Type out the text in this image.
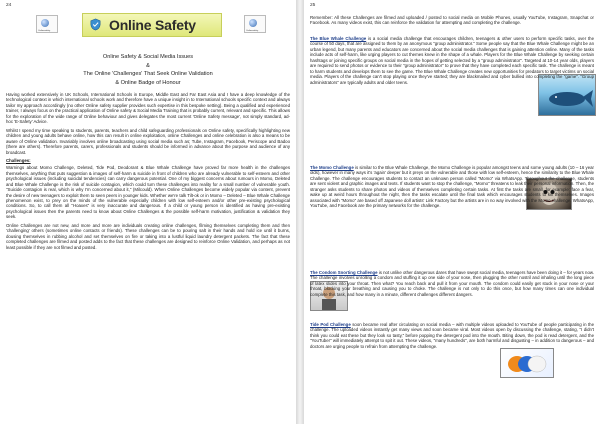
24
Onlinesafety	Online Safety	Onlinesafety
Online Safety & Social Media Issues
&
The Online 'Challenges' That Seek Online Validation
& Online Badge of Honour

Having worked extensively in UK Schools, International Schools in Europe, Middle East and Far East Asia and I have a deep knowledge of the technological context in which international schools work and therefore have a unique insight in to International schools specific context and always tailor my approach accordingly (no other Online safety supplier provides such expertise in this bespoke setting). Being a qualified and experienced trainer, I always focus on the practical application of Online safety & Social Media Training that is probably current, relevant and specific. This allows for the exploration of the wide range of Online behaviour and gives delegates the most current 'Online Safety message', not simply standard, ad-hoc 'E-Safety' Advice.

Whilst I spend my time speaking to students, parents, teachers and child safeguarding professionals on Online safety, specifically highlighting new children and young adults behave online, how this can result in online exploitation, online Challenges and online celebration is also a means to be aware of Online validation. Invariably involves online broadcasting using social media such as; Tube, Instagram, Facebook, Periscope and Badoo (there are others). Therefore parents, carers, professionals and students should be informed in advance about the purpose and audience of any broadcast.

Challenges:

Warnings about Momo Challenge, Deleted, Tide Pod, Deodorant & Blue Whale Challenge have proved far more health in the challenges themselves, anything that puts suggestion & images of self-harm & suicide in front of children who are already vulnerable to self-esteem and other psychological issues (including suicidal tendencies) can carry dangerous potential. One of my biggest concerns about rumours in Momo, Deleted and Blue Whale Challenge is the risk of suicide contagion, which could turn these challenges into reality for a small number of vulnerable youth. "Suicide contagion is real, which is why I'm concerned about it," (Milcould). When Online Challenges become widely popular via content, prevent the desire of new teenagers to exploit them to seen peers in younger kids. Whether we're talk Tilt-ok or in Momo – Deleted – Blue Whale Challenge phenomenon exist, to prey on the minds of the vulnerable especially children with low self-esteem and/or other pre-existing psychological conditions. So, to call them all "Hoaxes" is very inaccurate and dangerous. If a child or young person is identified as having pre-existing psychological issues then the parents need to know about Online Challenges & the possible self-harm motivation, justification & validation they seek.

Online Challenges are not new, and more and more are individuals creating online challenges, filming themselves completing them and then 'challenging' others (sometimes online contacts or friends). These challenges can be to pouring salt in their hands and hold ice until it burns, dousing themselves in rubbing alcohol and set themselves on fire or taking into a lustful liquid laundry detergent packets. The fact that these completed challenges are filmed and posted adds to the fact that these challenges are designed to reinforce Online Validation, and perhaps as not least possible if they are not filmed and posted.

25

Remember: All these Challenges are filmed and uploaded / posted to social media on Mobile Phones, usually YouTube, Instagram, Snapchat or Facebook. As many videos exist, this can reinforce the validation for attempting and completing the challenge.

The Blue Whale Challenge is a social media challenge that encourages children, teenagers & other users to perform specific tasks, over the course of 50 days, that are assigned to them by an anonymous "group administrator." Some people say that the Blue Whale Challenge might be an urban legend, but many parents and educators are concerned about the social media challenges that is gaining attention online. Many of the tasks include acts of self-harm, like urging players to cut themes knew in the shape of a whale. Players for the Blue Whale Challenge by seeking certain hashtags or joining specific groups on social media in the hopes of getting selected by a "group administrator". Targeted at 10-14 year olds, players are required to send photos or evidence to their "group administrator" to prove that they have completed each specific task. The challenge is meant to harm students and develops them to see the game. The Blue Whale Challenge creates new opportunities for predators to target victims on social media. Players of the challenge can't stop playing once they've started; they are blackmailed and cyber bullied into completing the "game". "Group administrators" are typically adults and older teens.

The Momo Challenge is similar to the Blue Whale Challenge, the Momo Challenge is popular amongst teens and some young adults (10 – 16 year olds), however in many ways it's 'again' deeper but it preys on the vulnerable and those with low self-esteem, hence the similarity to the Blue Whale Challenge. The challenge encourages students to contact an unknown person called "Momo" via WhatsApp. Throughout the challenge, students are sent violent and graphic images and texts. If students want to stop the challenge, "Momo" threatens to leak their personal information. Then, the stranger asks students to share photos and videos of themselves completing certain tasks. At first the tasks are small, for example; face a fear, wake up at weird hours throughout the night, then the tasks escalate until the final task which encourages students to kill themselves. Images associated with "Momo" are based off Japanese doll artists' Link Factory but the artists are in no way involved with the Momo challenge. WhatsApp, YouTube, and Facebook are the primary networks for the challenge.

The Condom Snorting Challenge is not unlike other dangerous dares that have swept social media, teenagers have been doing it – for years now. The challenge involves unrolling a condom and stuffing it up one side of your nose, then plugging the other nostril and inhaling until the long piece of latex slides into your throat. Then what? You reach back and pull it from your mouth. The condom could easily get stuck in your nose or your throat, blocking your breathing and causing you to choke. The challenge is not only to do this once, but how many times can one individual complete this task, and how many in a minute, different challenges different dangers.

Tide Pod Challenge soon became real after circulating on social media – with multiple videos uploaded to YouTube of people participating in the challenge. The uploaded videos instantly get many views and soon became viral. Most videos open by discussing the challenge, stating, "I didn't think you could eat these but they look so tasty," before popping the detergent pod into the mouth. Biting down, the pod is read detergent, and the "YouTuber" will immediately attempt to spit it out. These videos, "many hundreds", are both harmful and disgusting – in addition to dangerous – and doctors are urging people to refrain from attempting the challenge.
